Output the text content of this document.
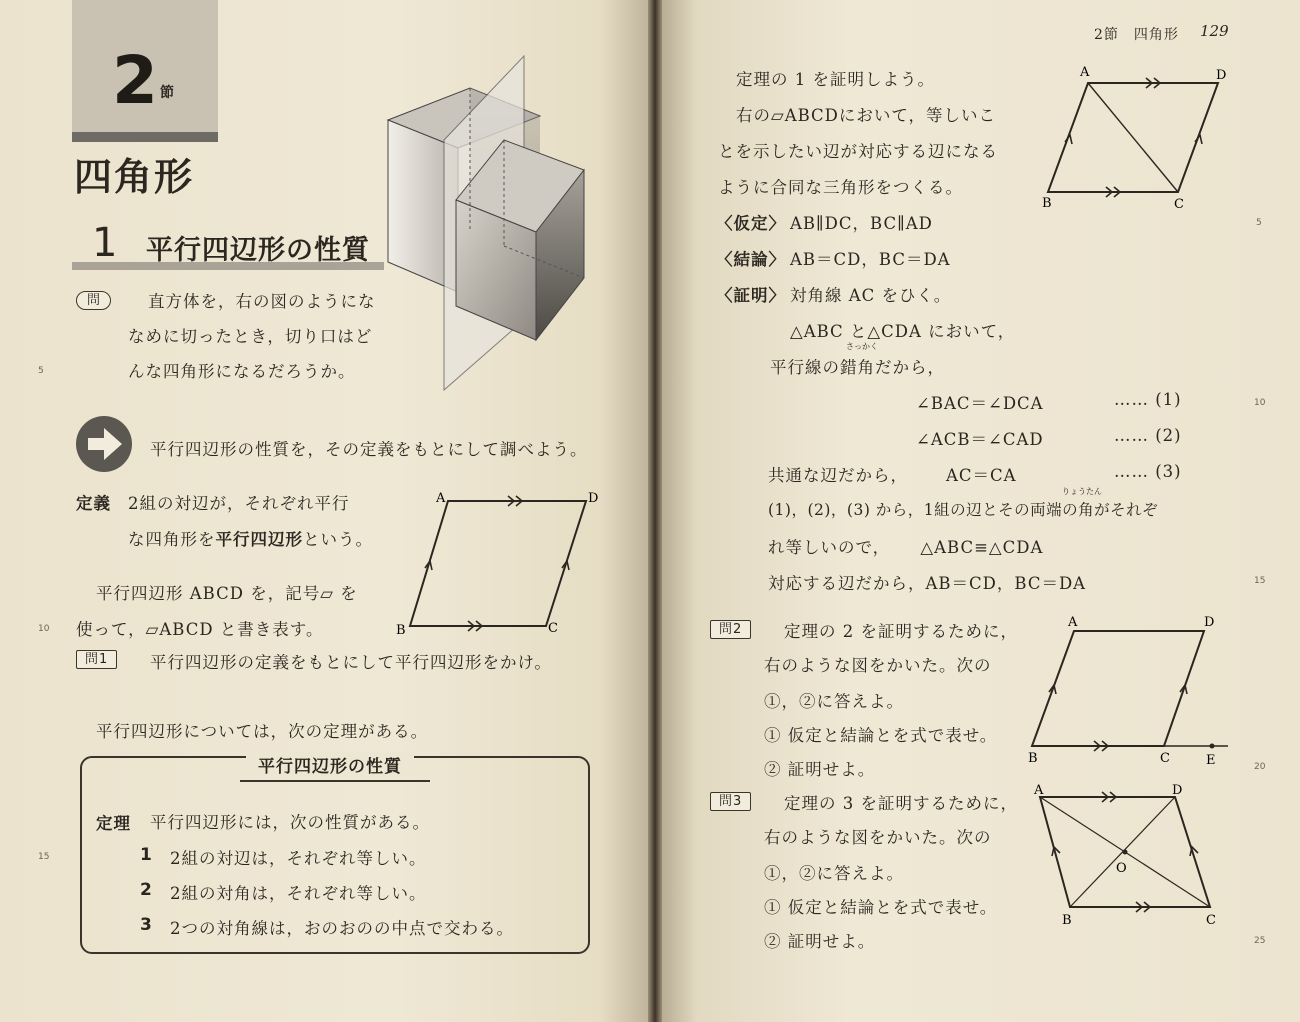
2 節
四角形
1 平行四辺形の性質
問	直方体を，右の図のようにな
なめに切ったとき，切り口はど
んな四角形になるだろうか。
平行四辺形の性質を，その定義をもとにして調べよう。
定義 2組の対辺が，それぞれ平行
な四角形を平行四辺形という。
A	D
B	C
平行四辺形 ABCD を，記号▱ を
使って，▱ABCD と書き表す。
問1	平行四辺形の定義をもとにして平行四辺形をかけ。
平行四辺形については，次の定理がある。
平行四辺形の性質
定理 平行四辺形には，次の性質がある。
1 2組の対辺は，それぞれ等しい。
2 2組の対角は，それぞれ等しい。
3 2つの対角線は，おのおのの中点で交わる。
5
10
15
2節　四角形 129
定理の 1 を証明しよう。
右の▱ABCDにおいて，等しいこ
とを示したい辺が対応する辺になる
ように合同な三角形をつくる。
A	D
B	C
〈仮定〉 AB∥DC，BC∥AD
〈結論〉 AB＝CD，BC＝DA
〈証明〉 対角線 AC をひく。
△ABC と△CDA において，
さっかく
平行線の錯角だから，
∠BAC＝∠DCA	…… (1)
∠ACB＝∠CAD	…… (2)
共通な辺だから， AC＝CA	…… (3)
りょうたん
(1)，(2)，(3) から，1組の辺とその両端の角がそれぞ
れ等しいので， △ABC≡△CDA
対応する辺だから，AB＝CD，BC＝DA
問2	定理の 2 を証明するために，
右のような図をかいた。次の
①，②に答えよ。
① 仮定と結論とを式で表せ。
② 証明せよ。
A	D
B	C	E
問3	定理の 3 を証明するために，
右のような図をかいた。次の
①，②に答えよ。
① 仮定と結論とを式で表せ。
② 証明せよ。
A	D
B	C
O
5
10
15
20
25
